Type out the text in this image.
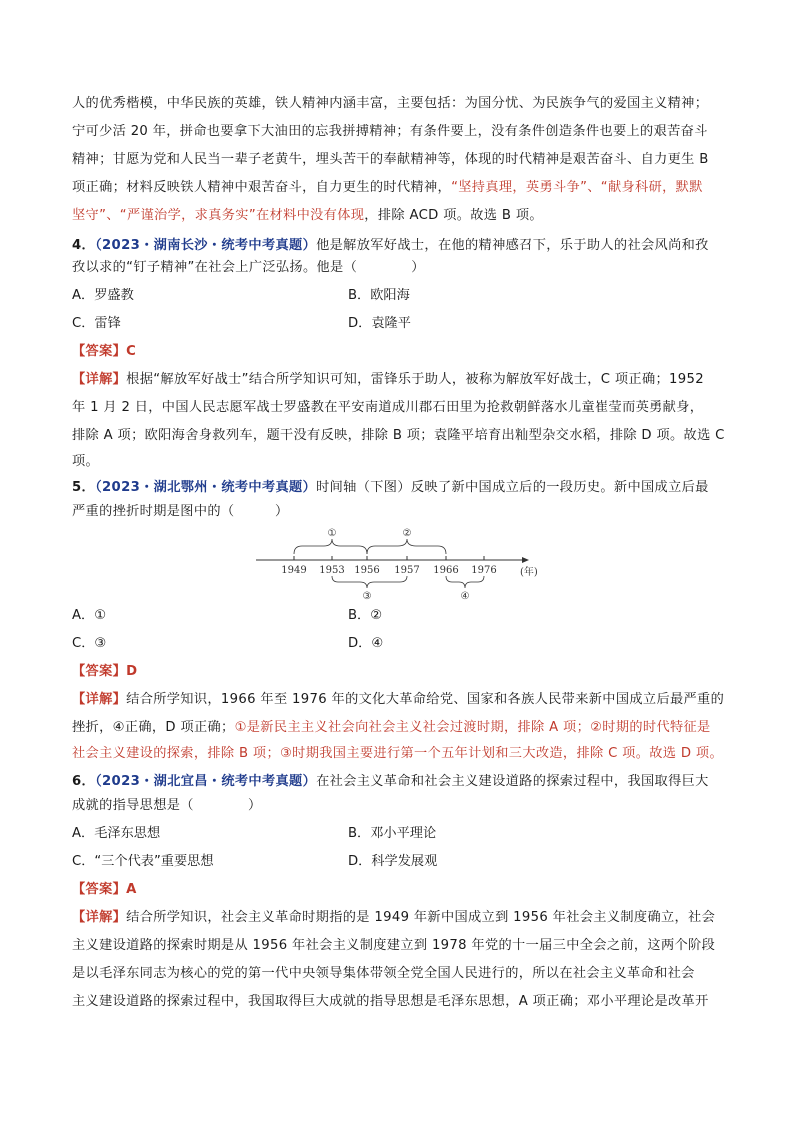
人的优秀楷模，中华民族的英雄，铁人精神内涵丰富，主要包括：为国分忧、为民族争气的爱国主义精神；
宁可少活 20 年，拼命也要拿下大油田的忘我拼搏精神；有条件要上，没有条件创造条件也要上的艰苦奋斗
精神；甘愿为党和人民当一辈子老黄牛，埋头苦干的奉献精神等，体现的时代精神是艰苦奋斗、自力更生 B
项正确；材料反映铁人精神中艰苦奋斗，自力更生的时代精神，“坚持真理，英勇斗争”、“献身科研，默默
坚守”、“严谨治学，求真务实”在材料中没有体现，排除 ACD 项。故选 B 项。
4．（2023・湖南长沙・统考中考真题）他是解放军好战士，在他的精神感召下，乐于助人的社会风尚和孜
孜以求的“钉子精神”在社会上广泛弘扬。他是（　　　　）
A．罗盛教	B．欧阳海
C．雷锋	D．袁隆平
【答案】C
【详解】根据“解放军好战士”结合所学知识可知，雷锋乐于助人，被称为解放军好战士，C 项正确；1952
年 1 月 2 日，中国人民志愿军战士罗盛教在平安南道成川郡石田里为抢救朝鲜落水儿童崔莹而英勇献身，
排除 A 项；欧阳海舍身救列车，题干没有反映，排除 B 项；袁隆平培育出籼型杂交水稻，排除 D 项。故选 C
项。
5．（2023・湖北鄂州・统考中考真题）时间轴（下图）反映了新中国成立后的一段历史。新中国成立后最
严重的挫折时期是图中的（　　　）
1949 1953 1956 1957 1966 1976 (年)
①	②
③	④
A．①	B．②
C．③	D．④
【答案】D
【详解】结合所学知识，1966 年至 1976 年的文化大革命给党、国家和各族人民带来新中国成立后最严重的
挫折，④正确，D 项正确；①是新民主主义社会向社会主义社会过渡时期，排除 A 项；②时期的时代特征是
社会主义建设的探索，排除 B 项；③时期我国主要进行第一个五年计划和三大改造，排除 C 项。故选 D 项。
6．（2023・湖北宜昌・统考中考真题）在社会主义革命和社会主义建设道路的探索过程中，我国取得巨大
成就的指导思想是（　　　　）
A．毛泽东思想	B．邓小平理论
C．“三个代表”重要思想	D．科学发展观
【答案】A
【详解】结合所学知识，社会主义革命时期指的是 1949 年新中国成立到 1956 年社会主义制度确立，社会
主义建设道路的探索时期是从 1956 年社会主义制度建立到 1978 年党的十一届三中全会之前，这两个阶段
是以毛泽东同志为核心的党的第一代中央领导集体带领全党全国人民进行的，所以在社会主义革命和社会
主义建设道路的探索过程中，我国取得巨大成就的指导思想是毛泽东思想，A 项正确；邓小平理论是改革开
